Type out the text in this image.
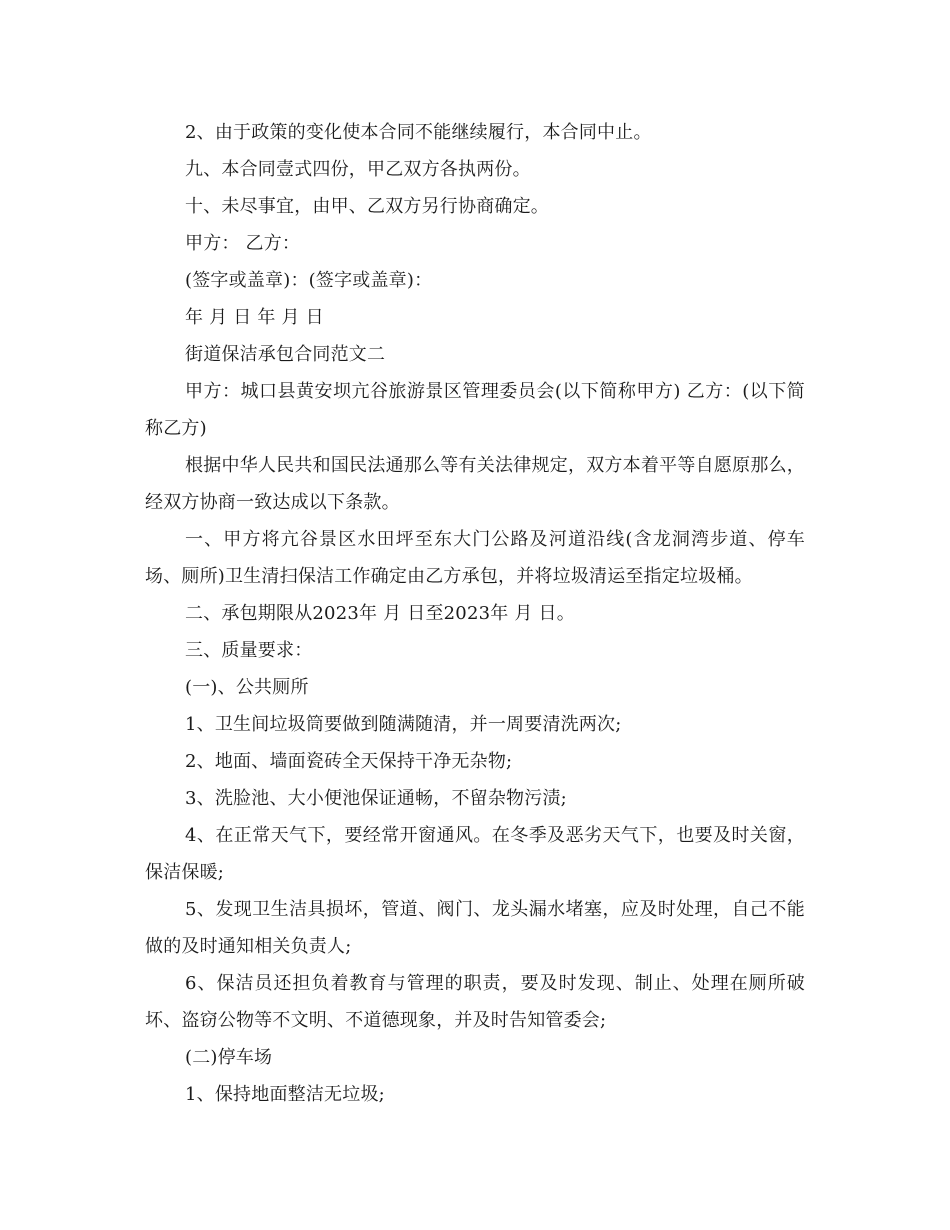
2、由于政策的变化使本合同不能继续履行，本合同中止。

九、本合同壹式四份，甲乙双方各执两份。

十、未尽事宜，由甲、乙双方另行协商确定。

甲方： 乙方：

(签字或盖章)：(签字或盖章)：

年 月 日 年 月 日

街道保洁承包合同范文二

甲方：城口县黄安坝亢谷旅游景区管理委员会(以下简称甲方) 乙方：(以下简称乙方)

根据中华人民共和国民法通那么等有关法律规定，双方本着平等自愿原那么，经双方协商一致达成以下条款。

一、甲方将亢谷景区水田坪至东大门公路及河道沿线(含龙洞湾步道、停车场、厕所)卫生清扫保洁工作确定由乙方承包，并将垃圾清运至指定垃圾桶。

二、承包期限从2023年 月 日至2023年 月 日。

三、质量要求：

(一)、公共厕所

1、卫生间垃圾筒要做到随满随清，并一周要清洗两次;

2、地面、墙面瓷砖全天保持干净无杂物;

3、洗脸池、大小便池保证通畅，不留杂物污渍;

4、在正常天气下，要经常开窗通风。在冬季及恶劣天气下，也要及时关窗，保洁保暖;

5、发现卫生洁具损坏，管道、阀门、龙头漏水堵塞，应及时处理，自己不能做的及时通知相关负责人;

6、保洁员还担负着教育与管理的职责，要及时发现、制止、处理在厕所破坏、盗窃公物等不文明、不道德现象，并及时告知管委会;

(二)停车场

1、保持地面整洁无垃圾;
